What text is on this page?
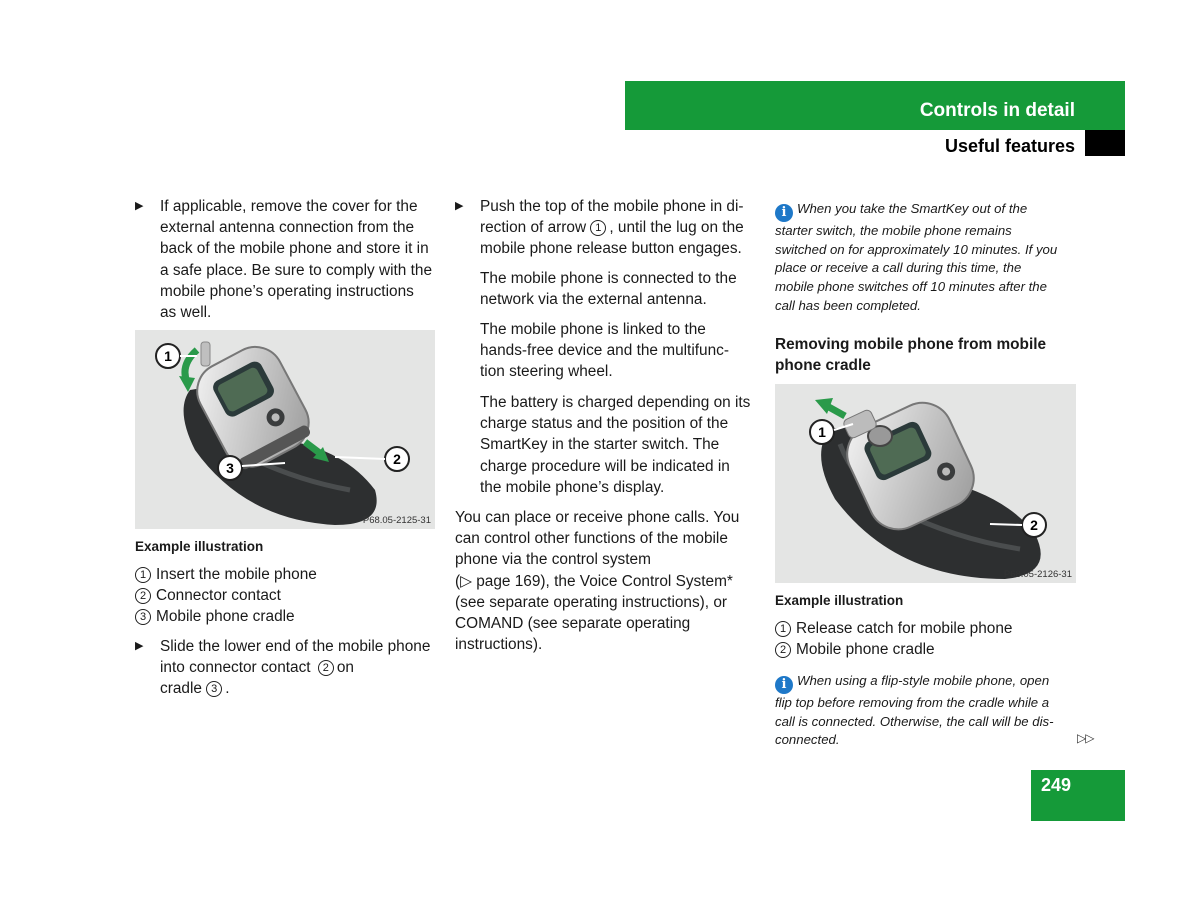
Controls in detail
Useful features
▶ If applicable, remove the cover for the
external antenna connection from the
back of the mobile phone and store it in
a safe place. Be sure to comply with the
mobile phone’s operating instructions
as well.
1
3
2
P68.05-2125-31
Example illustration
1 Insert the mobile phone
2 Connector contact
3 Mobile phone cradle
▶ Slide the lower end of the mobile phone
into connector contact 2 on
cradle 3 .
▶ Push the top of the mobile phone in di-
rection of arrow 1 , until the lug on the
mobile phone release button engages.
The mobile phone is connected to the
network via the external antenna.
The mobile phone is linked to the
hands-free device and the multifunc-
tion steering wheel.
The battery is charged depending on its
charge status and the position of the
SmartKey in the starter switch. The
charge procedure will be indicated in
the mobile phone’s display.
You can place or receive phone calls. You
can control other functions of the mobile
phone via the control system
(▷ page 169), the Voice Control System*
(see separate operating instructions), or
COMAND (see separate operating
instructions).
i When you take the SmartKey out of the
starter switch, the mobile phone remains
switched on for approximately 10 minutes. If you
place or receive a call during this time, the
mobile phone switches off 10 minutes after the
call has been completed.
Removing mobile phone from mobile
phone cradle
1
2
P68.05-2126-31
Example illustration
1 Release catch for mobile phone
2 Mobile phone cradle
i When using a flip-style mobile phone, open
flip top before removing from the cradle while a
call is connected. Otherwise, the call will be dis-
connected.	▷▷
249
